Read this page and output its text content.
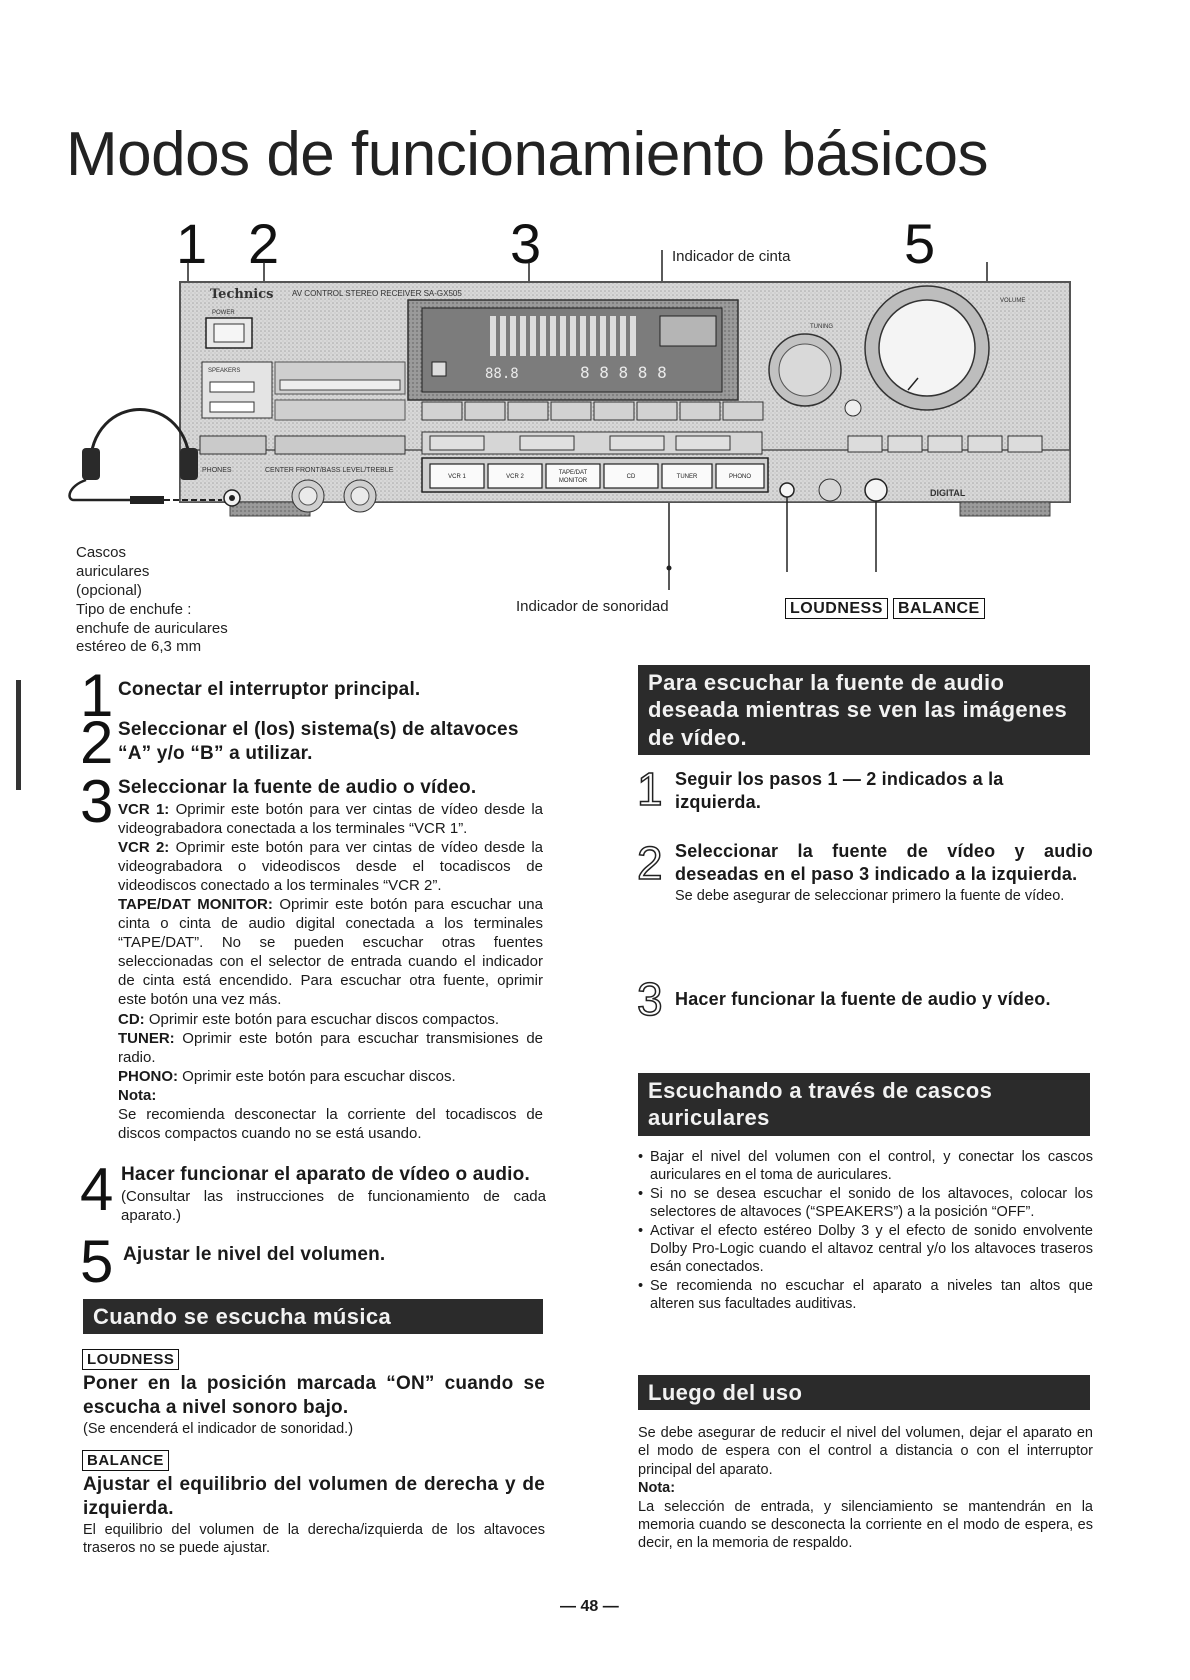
Modos de funcionamiento básicos
1 2	3	5
Indicador de cinta
Technics AV CONTROL STEREO RECEIVER SA-GX505
POWER
SPEAKERS	88.8	8 8 8 8 8
VCR 1	VCR 2
TAPE/DAT
MONITOR
CD	TUNER	PHONO
PHONES	CENTER FRONT/BASS LEVEL/TREBLE
TUNING
VOLUME
DIGITAL
Cascos
auriculares
(opcional)
Tipo de enchufe :
enchufe de auriculares
estéreo de 6,3 mm
Indicador de sonoridad	LOUDNESS BALANCE
1 Conectar el interruptor principal.
2 Seleccionar el (los) sistema(s) de altavoces “A” y/o “B” a utilizar.
3 Seleccionar la fuente de audio o vídeo.
VCR 1: Oprimir este botón para ver cintas de vídeo desde la videograbadora conectada a los terminales “VCR 1”.
VCR 2: Oprimir este botón para ver cintas de vídeo desde la videograbadora o videodiscos desde el tocadiscos de videodiscos conectado a los terminales “VCR 2”.
TAPE/DAT MONITOR: Oprimir este botón para escuchar una cinta o cinta de audio digital conectada a los terminales “TAPE/DAT”. No se pueden escuchar otras fuentes seleccionadas con el selector de entrada cuando el indicador de cinta está encendido. Para escuchar otra fuente, oprimir este botón una vez más.
CD: Oprimir este botón para escuchar discos compactos.
TUNER: Oprimir este botón para escuchar transmisiones de radio.
PHONO: Oprimir este botón para escuchar discos.
Nota:
Se recomienda desconectar la corriente del tocadiscos de discos compactos cuando no se está usando.
4 Hacer funcionar el aparato de vídeo o audio.
(Consultar las instrucciones de funcionamiento de cada aparato.)
5 Ajustar le nivel del volumen.
Cuando se escucha música
LOUDNESS
Poner en la posición marcada “ON” cuando se escucha a nivel sonoro bajo.
(Se encenderá el indicador de sonoridad.)
BALANCE
Ajustar el equilibrio del volumen de derecha y de izquierda.
El equilibrio del volumen de la derecha/izquierda de los altavoces traseros no se puede ajustar.
Para escuchar la fuente de audio deseada mientras se ven las imágenes de vídeo.
1 Seguir los pasos 1 — 2 indicados a la izquierda.
2 Seleccionar la fuente de vídeo y audio deseadas en el paso 3 indicado a la izquierda.
Se debe asegurar de seleccionar primero la fuente de vídeo.
3 Hacer funcionar la fuente de audio y vídeo.
Escuchando a través de cascos auriculares
• Bajar el nivel del volumen con el control, y conectar los cascos auriculares en el toma de auriculares.
• Si no se desea escuchar el sonido de los altavoces, colocar los selectores de altavoces (“SPEAKERS”) a la posición “OFF”.
• Activar el efecto estéreo Dolby 3 y el efecto de sonido envolvente Dolby Pro-Logic cuando el altavoz central y/o los altavoces traseros esán conectados.
• Se recomienda no escuchar el aparato a niveles tan altos que alteren sus facultades auditivas.
Luego del uso
Se debe asegurar de reducir el nivel del volumen, dejar el aparato en el modo de espera con el control a distancia o con el interruptor principal del aparato.
Nota:
La selección de entrada, y silenciamiento se mantendrán en la memoria cuando se desconecta la corriente en el modo de espera, es decir, en la memoria de respaldo.
— 48 —
